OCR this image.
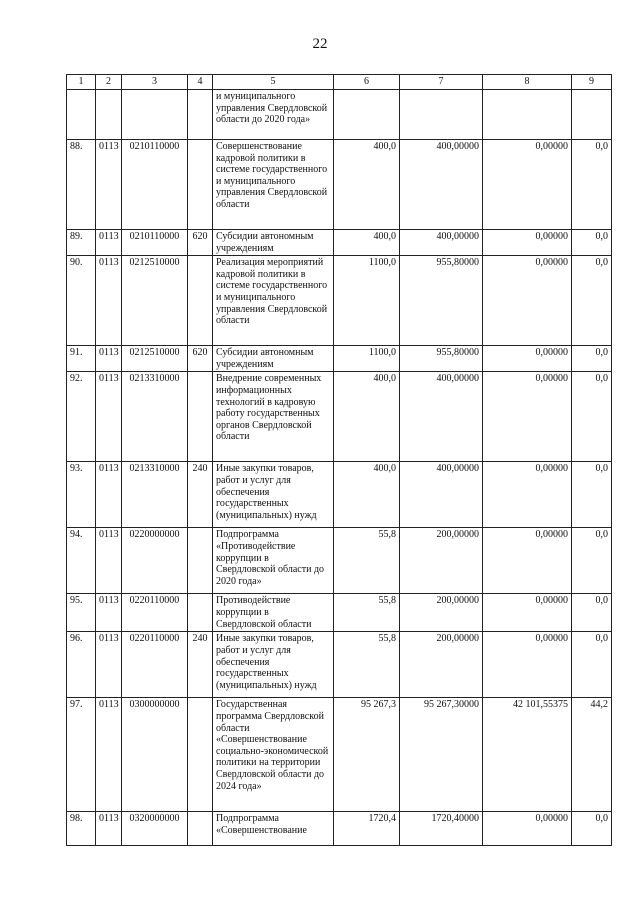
22
1	2	3	4	5	6	7	8	9
				и муниципального управления Свердловской области до 2020 года»				
88.	0113	0210110000		Совершенствование кадровой политики в системе государственного и муниципального управления Свердловской области	400,0	400,00000	0,00000	0,0
89.	0113	0210110000	620	Субсидии автономным учреждениям	400,0	400,00000	0,00000	0,0
90.	0113	0212510000		Реализация мероприятий кадровой политики в системе государственного и муниципального управления Свердловской области	1100,0	955,80000	0,00000	0,0
91.	0113	0212510000	620	Субсидии автономным учреждениям	1100,0	955,80000	0,00000	0,0
92.	0113	0213310000		Внедрение современных информационных технологий в кадровую работу государственных органов Свердловской области	400,0	400,00000	0,00000	0,0
93.	0113	0213310000	240	Иные закупки товаров, работ и услуг для обеспечения государственных (муниципальных) нужд	400,0	400,00000	0,00000	0,0
94.	0113	0220000000		Подпрограмма «Противодействие коррупции в Свердловской области до 2020 года»	55,8	200,00000	0,00000	0,0
95.	0113	0220110000		Противодействие коррупции в Свердловской области	55,8	200,00000	0,00000	0,0
96.	0113	0220110000	240	Иные закупки товаров, работ и услуг для обеспечения государственных (муниципальных) нужд	55,8	200,00000	0,00000	0,0
97.	0113	0300000000		Государственная программа Свердловской области «Совершенствование социально-экономической политики на территории Свердловской области до 2024 года»	95 267,3	95 267,30000	42 101,55375	44,2
98.	0113	0320000000		Подпрограмма «Совершенствование	1720,4	1720,40000	0,00000	0,0
